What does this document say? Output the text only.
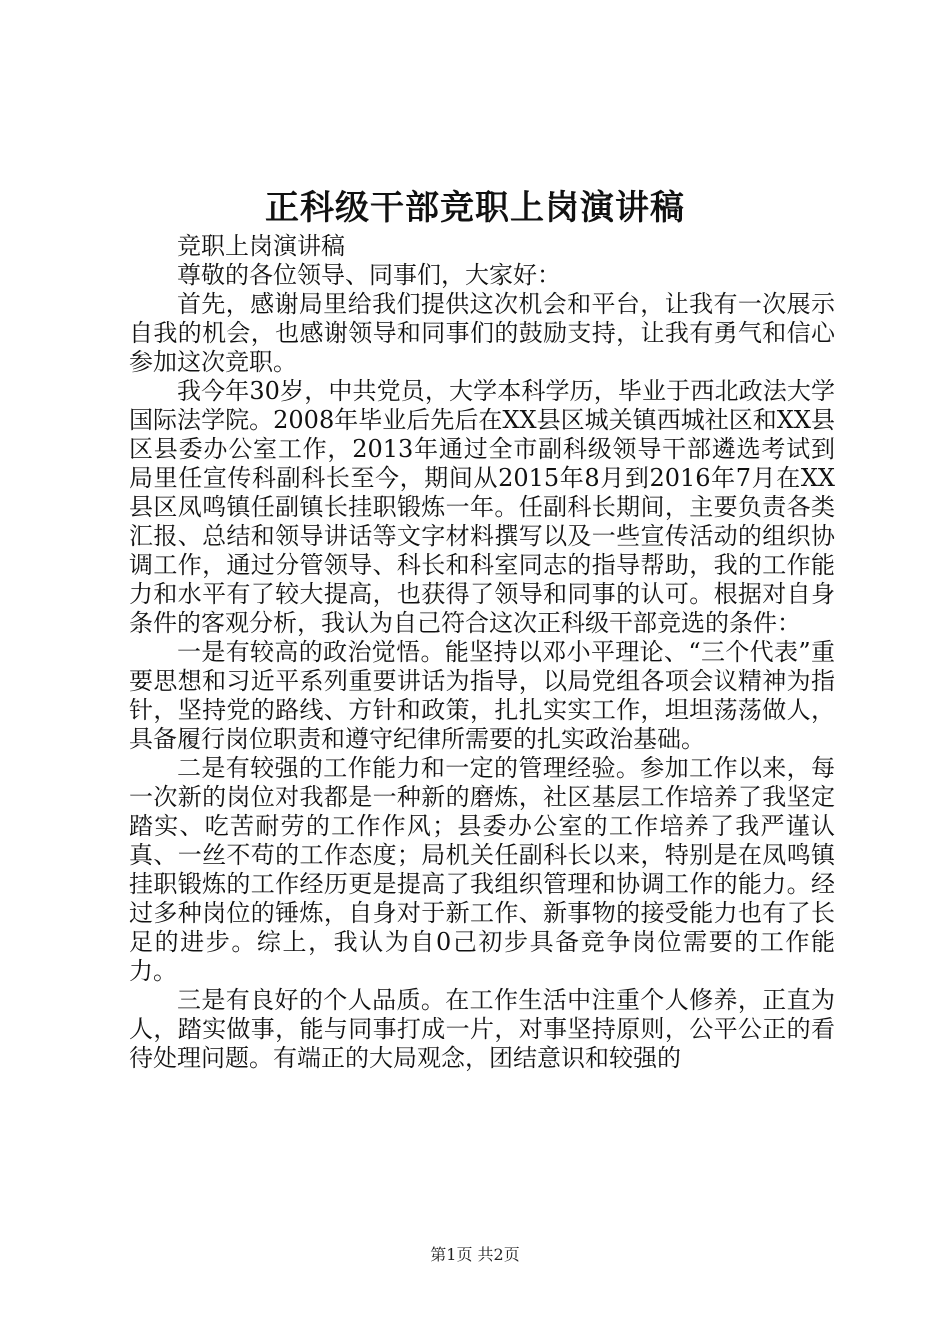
正科级干部竞职上岗演讲稿

竞职上岗演讲稿

尊敬的各位领导、同事们，大家好：

首先，感谢局里给我们提供这次机会和平台，让我有一次展示自我的机会，也感谢领导和同事们的鼓励支持，让我有勇气和信心参加这次竞职。

我今年30岁，中共党员，大学本科学历，毕业于西北政法大学国际法学院。2008年毕业后先后在XX县区城关镇西城社区和XX县区县委办公室工作，2013年通过全市副科级领导干部遴选考试到局里任宣传科副科长至今，期间从2015年8月到2016年7月在XX县区凤鸣镇任副镇长挂职锻炼一年。任副科长期间，主要负责各类汇报、总结和领导讲话等文字材料撰写以及一些宣传活动的组织协调工作，通过分管领导、科长和科室同志的指导帮助，我的工作能力和水平有了较大提高，也获得了领导和同事的认可。根据对自身条件的客观分析，我认为自己符合这次正科级干部竞选的条件：

一是有较高的政治觉悟。能坚持以邓小平理论、“三个代表”重要思想和习近平系列重要讲话为指导，以局党组各项会议精神为指针，坚持党的路线、方针和政策，扎扎实实工作，坦坦荡荡做人，具备履行岗位职责和遵守纪律所需要的扎实政治基础。

二是有较强的工作能力和一定的管理经验。参加工作以来，每一次新的岗位对我都是一种新的磨炼，社区基层工作培养了我坚定踏实、吃苦耐劳的工作作风；县委办公室的工作培养了我严谨认真、一丝不苟的工作态度；局机关任副科长以来，特别是在凤鸣镇挂职锻炼的工作经历更是提高了我组织管理和协调工作的能力。经过多种岗位的锤炼，自身对于新工作、新事物的接受能力也有了长足的进步。综上，我认为自0己初步具备竞争岗位需要的工作能力。

三是有良好的个人品质。在工作生活中注重个人修养，正直为人，踏实做事，能与同事打成一片，对事坚持原则，公平公正的看待处理问题。有端正的大局观念，团结意识和较强的

第1页 共2页
